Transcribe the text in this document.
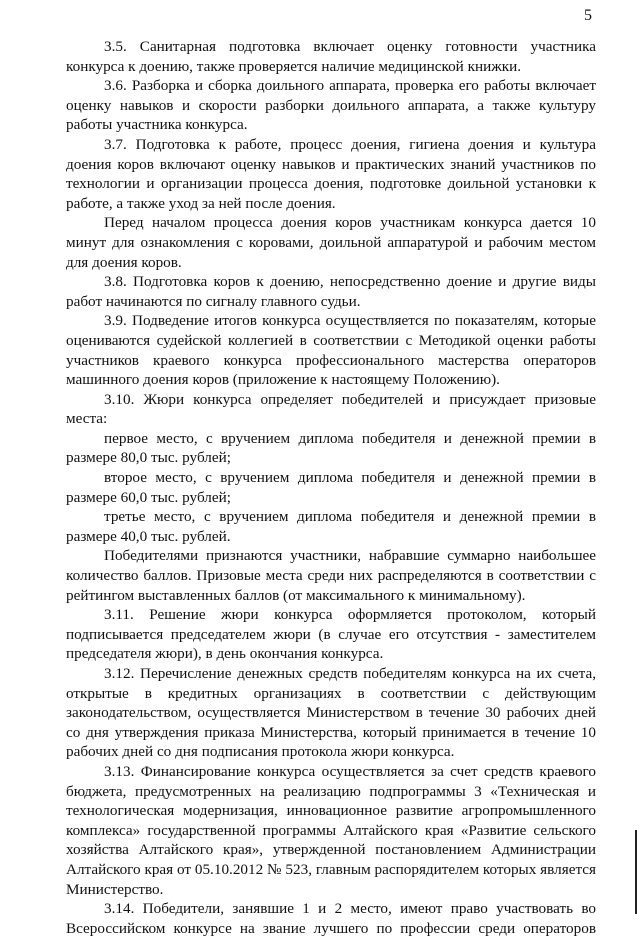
5

3.5. Санитарная подготовка включает оценку готовности участника конкурса к доению, также проверяется наличие медицинской книжки.

3.6. Разборка и сборка доильного аппарата, проверка его работы включает оценку навыков и скорости разборки доильного аппарата, а также культуру работы участника конкурса.

3.7. Подготовка к работе, процесс доения, гигиена доения и культура доения коров включают оценку навыков и практических знаний участников по технологии и организации процесса доения, подготовке доильной установки к работе, а также уход за ней после доения.

Перед началом процесса доения коров участникам конкурса дается 10 минут для ознакомления с коровами, доильной аппаратурой и рабочим местом для доения коров.

3.8. Подготовка коров к доению, непосредственно доение и другие виды работ начинаются по сигналу главного судьи.

3.9. Подведение итогов конкурса осуществляется по показателям, которые оцениваются судейской коллегией в соответствии с Методикой оценки работы участников краевого конкурса профессионального мастерства операторов машинного доения коров (приложение к настоящему Положению).

3.10. Жюри конкурса определяет победителей и присуждает призовые места:

первое место, с вручением диплома победителя и денежной премии в размере 80,0 тыс. рублей;

второе место, с вручением диплома победителя и денежной премии в размере 60,0 тыс. рублей;

третье место, с вручением диплома победителя и денежной премии в размере 40,0 тыс. рублей.

Победителями признаются участники, набравшие суммарно наибольшее количество баллов. Призовые места среди них распределяются в соответствии с рейтингом выставленных баллов (от максимального к минимальному).

3.11. Решение жюри конкурса оформляется протоколом, который подписывается председателем жюри (в случае его отсутствия - заместителем председателя жюри), в день окончания конкурса.

3.12. Перечисление денежных средств победителям конкурса на их счета, открытые в кредитных организациях в соответствии с действующим законодательством, осуществляется Министерством в течение 30 рабочих дней со дня утверждения приказа Министерства, который принимается в течение 10 рабочих дней со дня подписания протокола жюри конкурса.

3.13. Финансирование конкурса осуществляется за счет средств краевого бюджета, предусмотренных на реализацию подпрограммы 3 «Техническая и технологическая модернизация, инновационное развитие агропромышленного комплекса» государственной программы Алтайского края «Развитие сельского хозяйства Алтайского края», утвержденной постановлением Администрации Алтайского края от 05.10.2012 № 523, главным распорядителем которых является Министерство.

3.14. Победители, занявшие 1 и 2 место, имеют право участвовать во Всероссийском конкурсе на звание лучшего по профессии среди операторов
